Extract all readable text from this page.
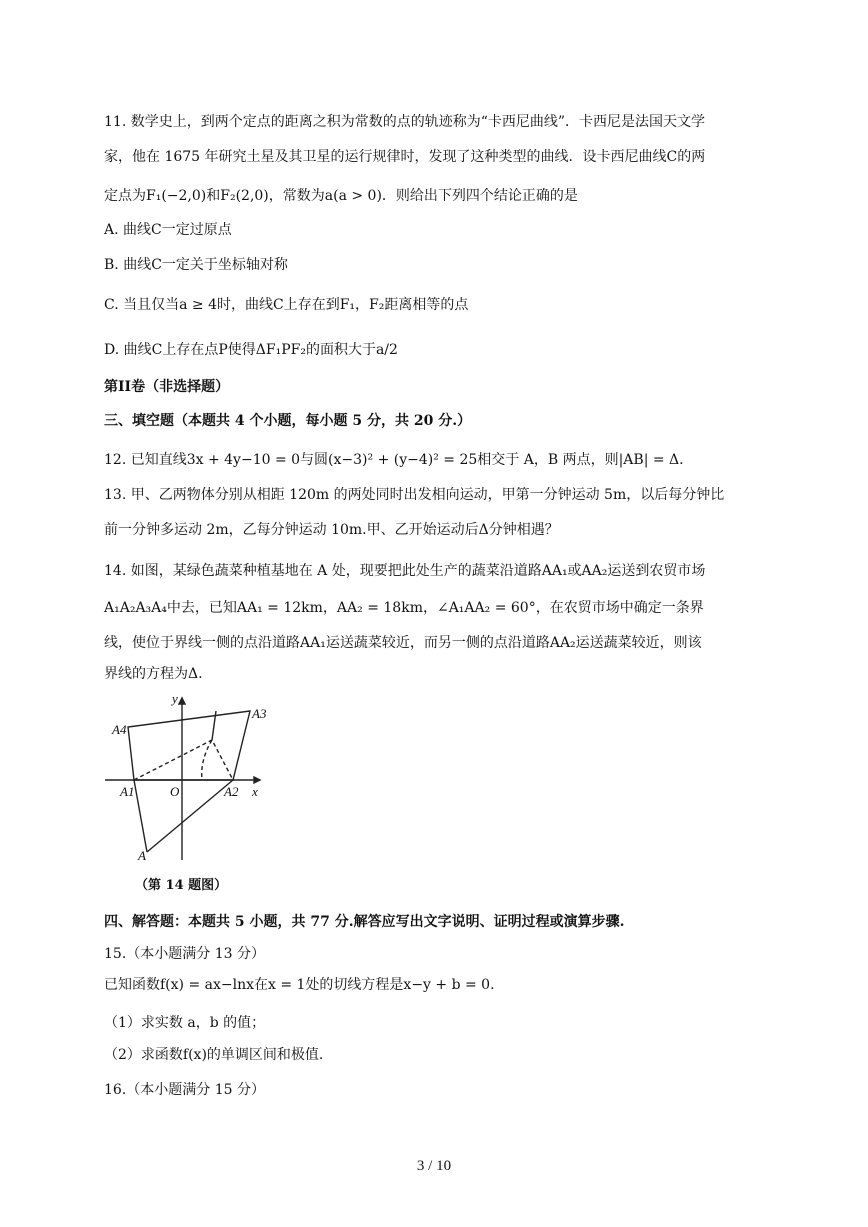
11. 数学史上，到两个定点的距离之积为常数的点的轨迹称为“卡西尼曲线”．卡西尼是法国天文学
家，他在 1675 年研究土星及其卫星的运行规律时，发现了这种类型的曲线．设卡西尼曲线C的两
定点为F₁(−2,0)和F₂(2,0)，常数为a(a > 0)．则给出下列四个结论正确的是
A. 曲线C一定过原点
B. 曲线C一定关于坐标轴对称
C. 当且仅当a ≥ 4时，曲线C上存在到F₁，F₂距离相等的点
D. 曲线C上存在点P使得ΔF₁PF₂的面积大于a/2
第II卷（非选择题）
三、填空题（本题共 4 个小题，每小题 5 分，共 20 分.）
12. 已知直线3x + 4y−10 = 0与圆(x−3)² + (y−4)² = 25相交于 A，B 两点，则|AB| = Δ.
13. 甲、乙两物体分别从相距 120m 的两处同时出发相向运动，甲第一分钟运动 5m，以后每分钟比
前一分钟多运动 2m，乙每分钟运动 10m.甲、乙开始运动后Δ分钟相遇？
14. 如图，某绿色蔬菜种植基地在 A 处，现要把此处生产的蔬菜沿道路AA₁或AA₂运送到农贸市场
A₁A₂A₃A₄中去，已知AA₁ = 12km，AA₂ = 18km，∠A₁AA₂ = 60°，在农贸市场中确定一条界
线，使位于界线一侧的点沿道路AA₁运送蔬菜较近，而另一侧的点沿道路AA₂运送蔬菜较近，则该
界线的方程为Δ.
y
x
O
A
A1	A2
A3
A4
（第 14 题图）
四、解答题：本题共 5 小题，共 77 分.解答应写出文字说明、证明过程或演算步骤.
15.（本小题满分 13 分）
已知函数f(x) = ax−lnx在x = 1处的切线方程是x−y + b = 0.
（1）求实数 a，b 的值；
（2）求函数f(x)的单调区间和极值.
16.（本小题满分 15 分）
3 / 10
